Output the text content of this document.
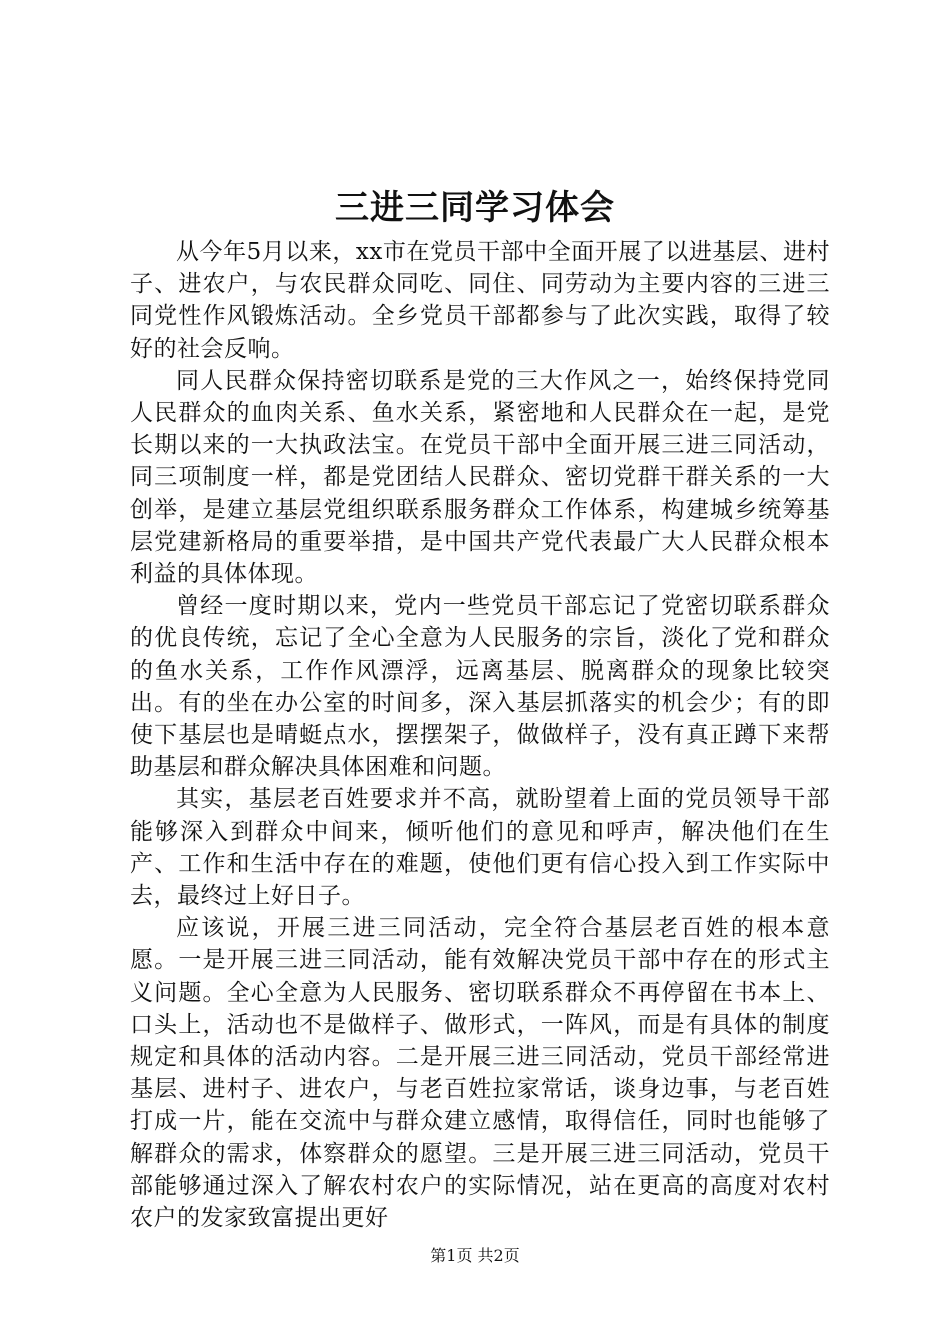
三进三同学习体会

从今年5月以来，xx市在党员干部中全面开展了以进基层、进村子、进农户，与农民群众同吃、同住、同劳动为主要内容的三进三同党性作风锻炼活动。全乡党员干部都参与了此次实践，取得了较好的社会反响。

同人民群众保持密切联系是党的三大作风之一，始终保持党同人民群众的血肉关系、鱼水关系，紧密地和人民群众在一起，是党长期以来的一大执政法宝。在党员干部中全面开展三进三同活动，同三项制度一样，都是党团结人民群众、密切党群干群关系的一大创举，是建立基层党组织联系服务群众工作体系，构建城乡统筹基层党建新格局的重要举措，是中国共产党代表最广大人民群众根本利益的具体体现。

曾经一度时期以来，党内一些党员干部忘记了党密切联系群众的优良传统，忘记了全心全意为人民服务的宗旨，淡化了党和群众的鱼水关系，工作作风漂浮，远离基层、脱离群众的现象比较突出。有的坐在办公室的时间多，深入基层抓落实的机会少；有的即使下基层也是晴蜓点水，摆摆架子，做做样子，没有真正蹲下来帮助基层和群众解决具体困难和问题。

其实，基层老百姓要求并不高，就盼望着上面的党员领导干部能够深入到群众中间来，倾听他们的意见和呼声，解决他们在生产、工作和生活中存在的难题，使他们更有信心投入到工作实际中去，最终过上好日子。

应该说，开展三进三同活动，完全符合基层老百姓的根本意愿。一是开展三进三同活动，能有效解决党员干部中存在的形式主义问题。全心全意为人民服务、密切联系群众不再停留在书本上、口头上，活动也不是做样子、做形式，一阵风，而是有具体的制度规定和具体的活动内容。二是开展三进三同活动，党员干部经常进基层、进村子、进农户，与老百姓拉家常话，谈身边事，与老百姓打成一片，能在交流中与群众建立感情，取得信任，同时也能够了解群众的需求，体察群众的愿望。三是开展三进三同活动，党员干部能够通过深入了解农村农户的实际情况，站在更高的高度对农村农户的发家致富提出更好

第1页 共2页
